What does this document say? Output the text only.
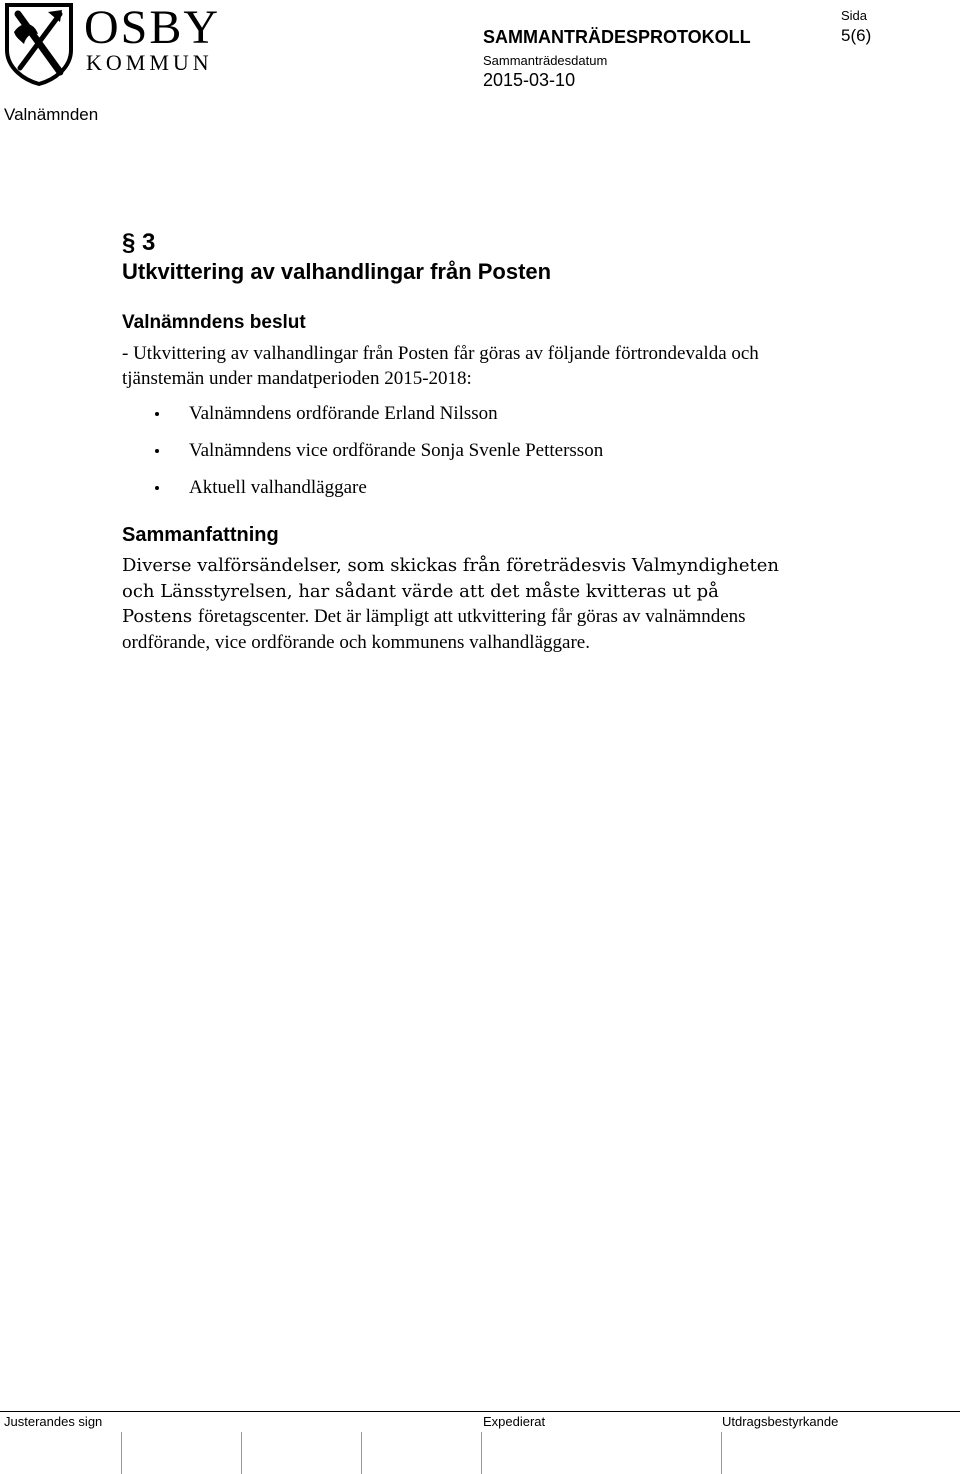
OSBY
KOMMUN
SAMMANTRÄDESPROTOKOLL
Sammanträdesdatum
2015-03-10
Sida
5(6)
Valnämnden
§ 3
Utkvittering av valhandlingar från Posten
Valnämndens beslut
- Utkvittering av valhandlingar från Posten får göras av följande förtrondevalda och tjänstemän under mandatperioden 2015-2018:
Valnämndens ordförande Erland Nilsson
Valnämndens vice ordförande Sonja Svenle Pettersson
Aktuell valhandläggare
Sammanfattning
Diverse valförsändelser, som skickas från företrädesvis Valmyndigheten och Länsstyrelsen, har sådant värde att det måste kvitteras ut på Postens företagscenter. Det är lämpligt att utkvittering får göras av valnämndens ordförande, vice ordförande och kommunens valhandläggare.
Justerandes sign	Expedierat	Utdragsbestyrkande
